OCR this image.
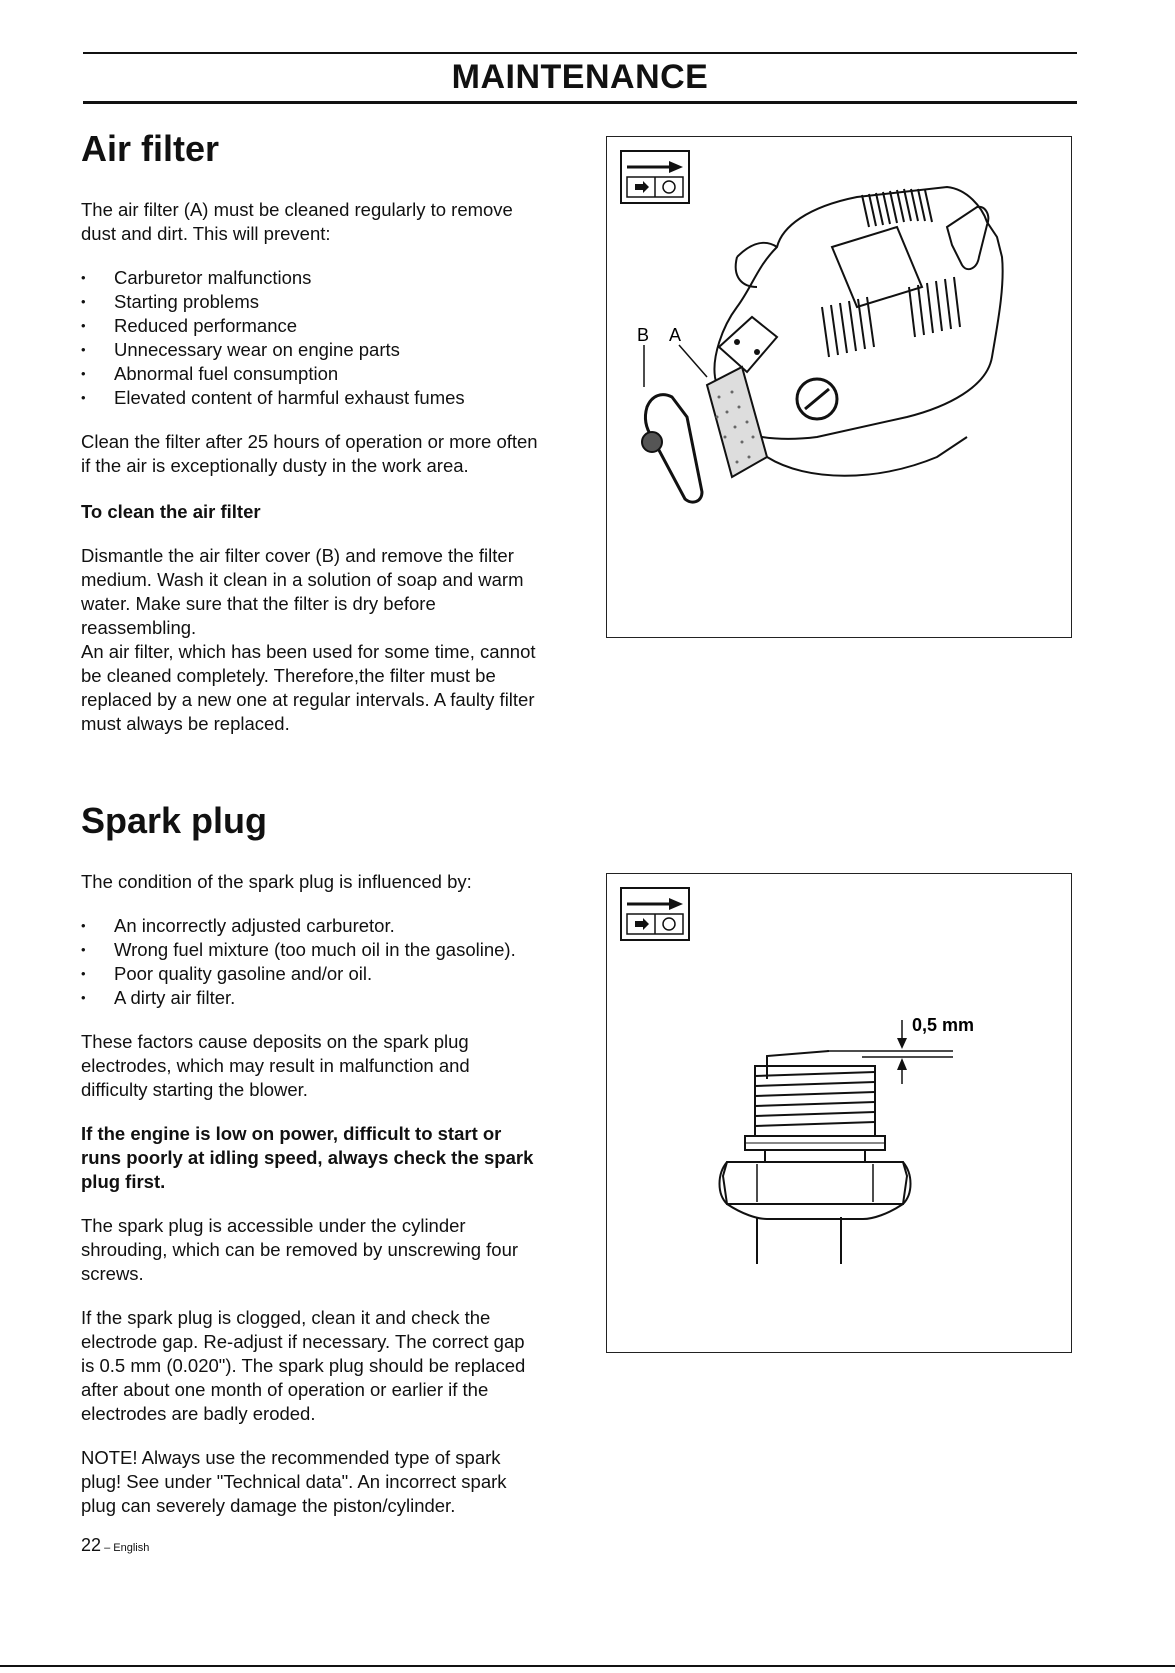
MAINTENANCE
Air filter

The air filter (A) must be cleaned regularly to remove dust and dirt. This will prevent:

• Carburetor malfunctions
• Starting problems
• Reduced performance
• Unnecessary wear on engine parts
• Abnormal fuel consumption
• Elevated content of harmful exhaust fumes

Clean the filter after 25 hours of operation or more often if the air is exceptionally dusty in the work area.

To clean the air filter

Dismantle the air filter cover (B) and remove the filter medium. Wash it clean in a solution of soap and warm water. Make sure that the filter is dry before reassembling.

An air filter, which has been used for some time, cannot be cleaned completely. Therefore,the filter must be replaced by a new one at regular intervals. A faulty filter must always be replaced.

B A
Spark plug

The condition of the spark plug is influenced by:

• An incorrectly adjusted carburetor.
• Wrong fuel mixture (too much oil in the gasoline).
• Poor quality gasoline and/or oil.
• A dirty air filter.

These factors cause deposits on the spark plug electrodes, which may result in malfunction and difficulty starting the blower.

If the engine is low on power, difficult to start or runs poorly at idling speed, always check the spark plug first.

The spark plug is accessible under the cylinder shrouding, which can be removed by unscrewing four screws.

If the spark plug is clogged, clean it and check the electrode gap. Re-adjust if necessary. The correct gap is 0.5 mm (0.020"). The spark plug should be replaced after about one month of operation or earlier if the electrodes are badly eroded.

NOTE! Always use the recommended type of spark plug! See under "Technical data". An incorrect spark plug can severely damage the piston/cylinder.

0,5 mm
22 – English
